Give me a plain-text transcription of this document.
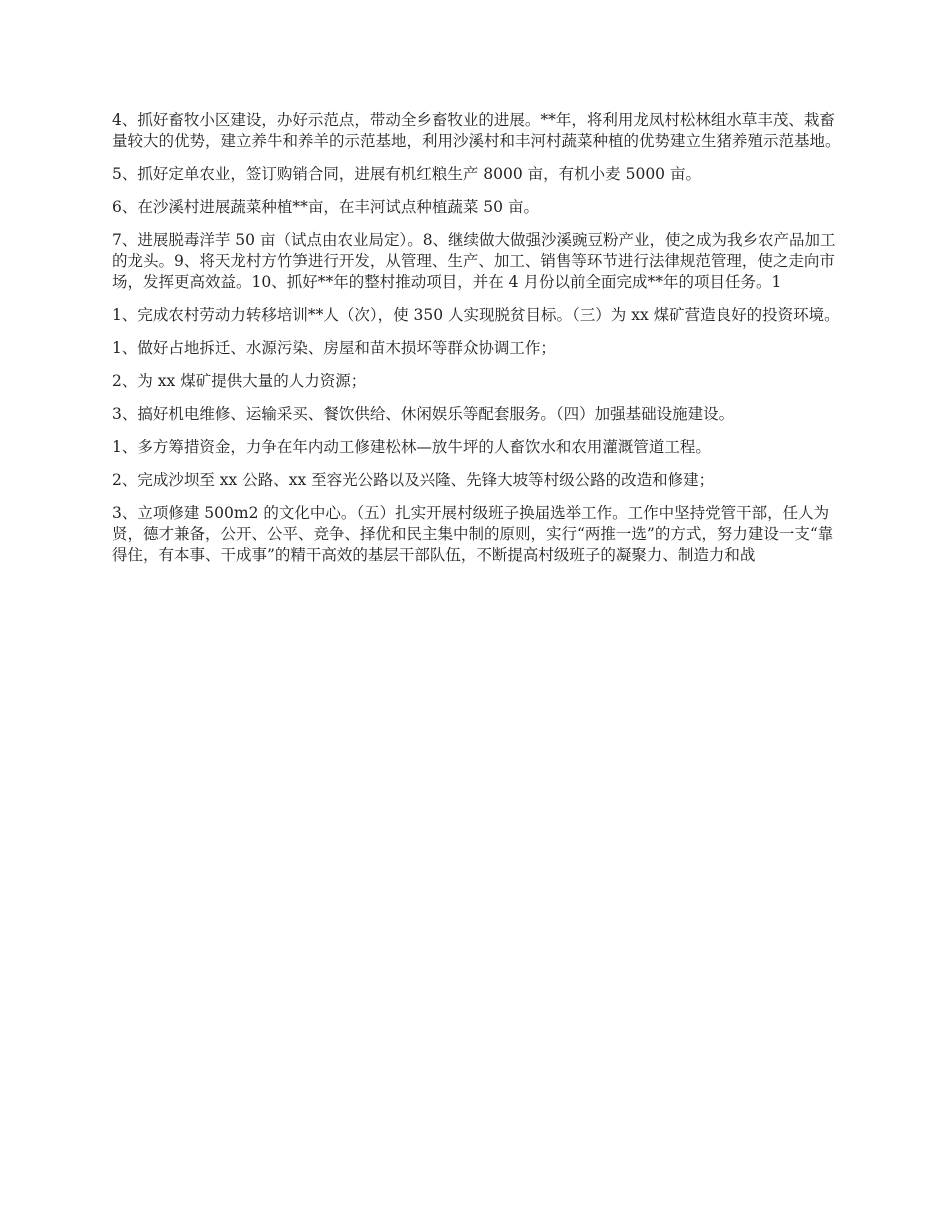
4、抓好畜牧小区建设，办好示范点，带动全乡畜牧业的进展。**年，将利用龙凤村松林组水草丰茂、栽畜量较大的优势，建立养牛和养羊的示范基地，利用沙溪村和丰河村蔬菜种植的优势建立生猪养殖示范基地。

5、抓好定单农业，签订购销合同，进展有机红粮生产 8000 亩，有机小麦 5000 亩。

6、在沙溪村进展蔬菜种植**亩，在丰河试点种植蔬菜 50 亩。

7、进展脱毒洋芋 50 亩（试点由农业局定）。8、继续做大做强沙溪豌豆粉产业，使之成为我乡农产品加工的龙头。9、将天龙村方竹笋进行开发，从管理、生产、加工、销售等环节进行法律规范管理，使之走向市场，发挥更高效益。10、抓好**年的整村推动项目，并在 4 月份以前全面完成**年的项目任务。1

1、完成农村劳动力转移培训**人（次），使 350 人实现脱贫目标。（三）为 xx 煤矿营造良好的投资环境。

1、做好占地拆迁、水源污染、房屋和苗木损坏等群众协调工作；

2、为 xx 煤矿提供大量的人力资源；

3、搞好机电维修、运输采买、餐饮供给、休闲娱乐等配套服务。（四）加强基础设施建设。

1、多方筹措资金，力争在年内动工修建松林—放牛坪的人畜饮水和农用灌溉管道工程。

2、完成沙坝至 xx 公路、xx 至容光公路以及兴隆、先锋大坡等村级公路的改造和修建；

3、立项修建 500m2 的文化中心。（五）扎实开展村级班子换届选举工作。工作中坚持党管干部，任人为贤，德才兼备，公开、公平、竞争、择优和民主集中制的原则，实行“两推一选”的方式，努力建设一支“靠得住，有本事、干成事”的精干高效的基层干部队伍，不断提高村级班子的凝聚力、制造力和战
